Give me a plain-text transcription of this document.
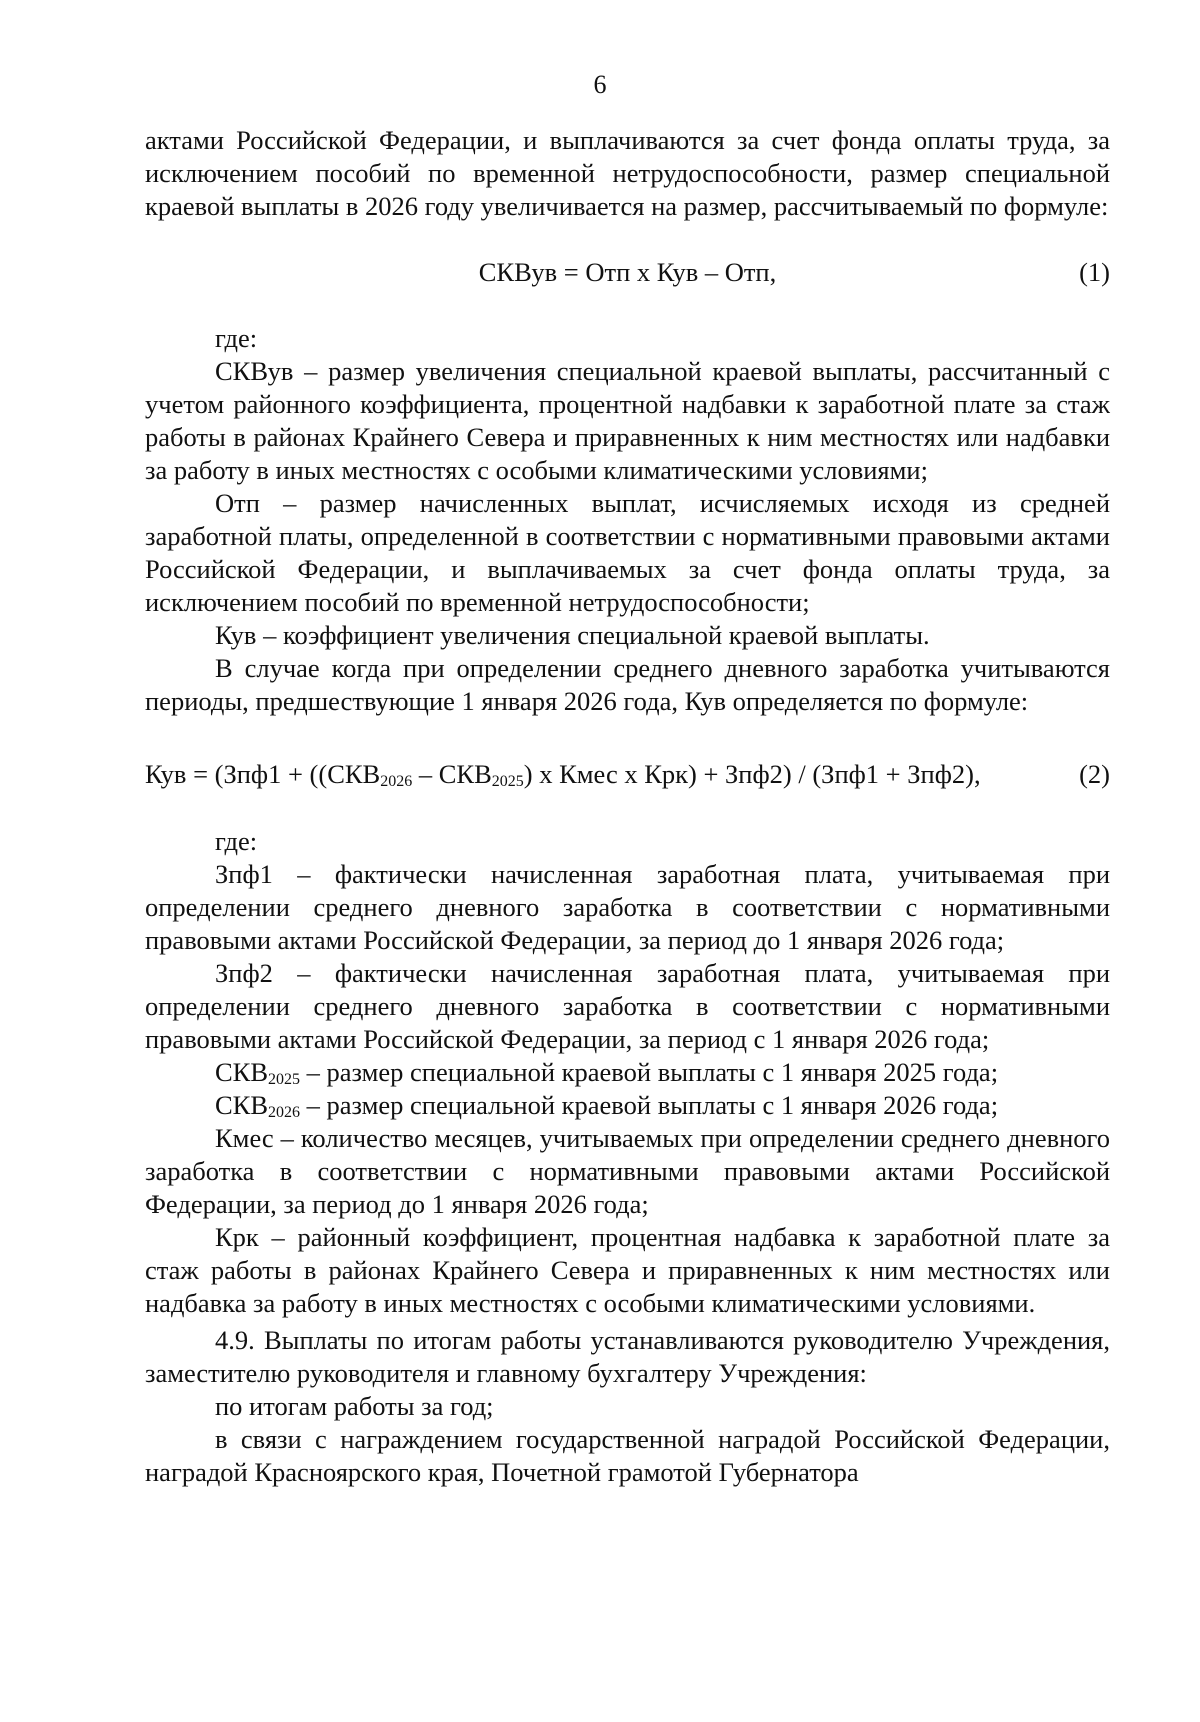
6

актами Российской Федерации, и выплачиваются за счет фонда оплаты труда, за исключением пособий по временной нетрудоспособности, размер специальной краевой выплаты в 2026 году увеличивается на размер, рассчитываемый по формуле:

СКВув = Отп х Кув – Отп,	(1)

где:

СКВув – размер увеличения специальной краевой выплаты, рассчитанный с учетом районного коэффициента, процентной надбавки к заработной плате за стаж работы в районах Крайнего Севера и приравненных к ним местностях или надбавки за работу в иных местностях с особыми климатическими условиями;

Отп – размер начисленных выплат, исчисляемых исходя из средней заработной платы, определенной в соответствии с нормативными правовыми актами Российской Федерации, и выплачиваемых за счет фонда оплаты труда, за исключением пособий по временной нетрудоспособности;

Кув – коэффициент увеличения специальной краевой выплаты.

В случае когда при определении среднего дневного заработка учитываются периоды, предшествующие 1 января 2026 года, Кув определяется по формуле:

Кув = ($Зпф1 + ((СКВ_{2026} - СКВ_{2025})$ х Кмес х Крк) + Зпф2) / (Зпф1 + Зпф2),	(2)

где:

Зпф1 – фактически начисленная заработная плата, учитываемая при определении среднего дневного заработка в соответствии с нормативными правовыми актами Российской Федерации, за период до 1 января 2026 года;

Зпф2 – фактически начисленная заработная плата, учитываемая при определении среднего дневного заработка в соответствии с нормативными правовыми актами Российской Федерации, за период с 1 января 2026 года;

$СКВ_{2025}$ – размер специальной краевой выплаты с 1 января 2025 года;

$СКВ_{2026}$ – размер специальной краевой выплаты с 1 января 2026 года;

Кмес – количество месяцев, учитываемых при определении среднего дневного заработка в соответствии с нормативными правовыми актами Российской Федерации, за период до 1 января 2026 года;

Крк – районный коэффициент, процентная надбавка к заработной плате за стаж работы в районах Крайнего Севера и приравненных к ним местностях или надбавка за работу в иных местностях с особыми климатическими условиями.

4.9. Выплаты по итогам работы устанавливаются руководителю Учреждения, заместителю руководителя и главному бухгалтеру Учреждения:

по итогам работы за год;

в связи с награждением государственной наградой Российской Федерации, наградой Красноярского края, Почетной грамотой Губернатора
